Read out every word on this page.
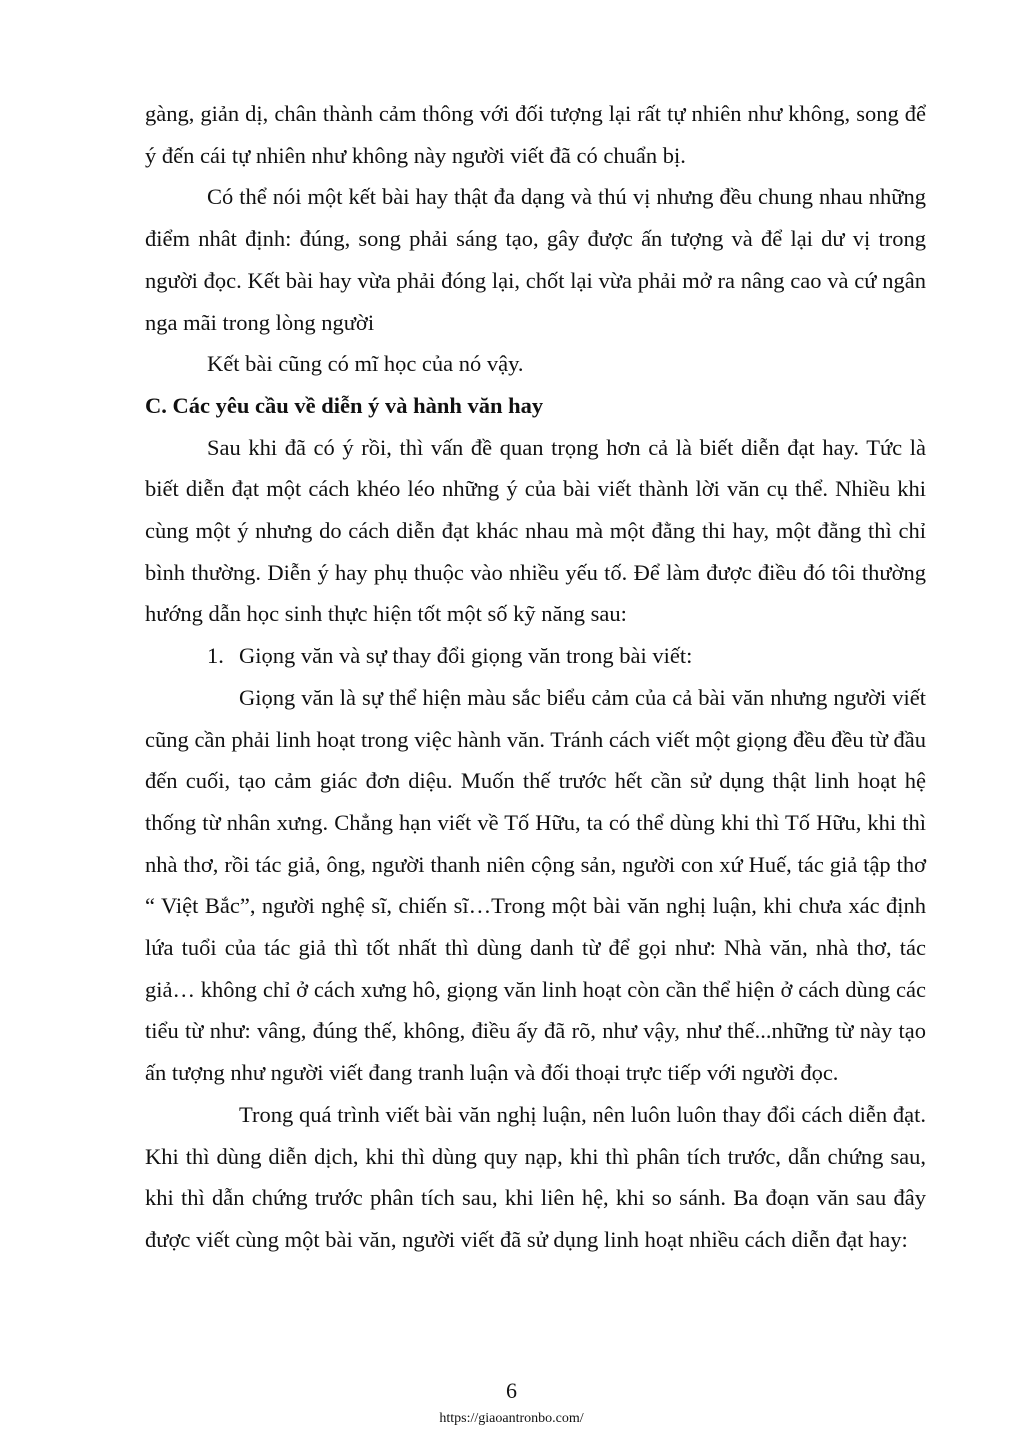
gàng, giản dị, chân thành cảm thông với đối tượng lại rất tự nhiên như không, song để ý đến cái tự nhiên như không này người viết đã có chuẩn bị.

Có thể nói một kết bài hay thật đa dạng và thú vị nhưng đều chung nhau những điểm nhât định: đúng, song phải sáng tạo, gây được ấn tượng và để lại dư vị trong người đọc. Kết bài hay vừa phải đóng lại, chốt lại vừa phải mở ra nâng cao và cứ ngân nga mãi trong lòng người

Kết bài cũng có mĩ học của nó vậy.

C. Các yêu cầu về diễn ý và hành văn hay

Sau khi đã có ý rồi, thì vấn đề quan trọng hơn cả là biết diễn đạt hay. Tức là biết diễn đạt một cách khéo léo những ý của bài viết thành lời văn cụ thể. Nhiều khi cùng một ý nhưng do cách diễn đạt khác nhau mà một đằng thi hay, một đằng thì chỉ bình thường. Diễn ý hay phụ thuộc vào nhiều yếu tố. Để làm được điều đó tôi thường hướng dẫn học sinh thực hiện tốt một số kỹ năng sau:

1. Giọng văn và sự thay đổi giọng văn trong bài viết:

Giọng văn là sự thể hiện màu sắc biểu cảm của cả bài văn nhưng người viết cũng cần phải linh hoạt trong việc hành văn. Tránh cách viết một giọng đều đều từ đầu đến cuối, tạo cảm giác đơn diệu. Muốn thế trước hết cần sử dụng thật linh hoạt hệ thống từ nhân xưng. Chẳng hạn viết về Tố Hữu, ta có thể dùng khi thì Tố Hữu, khi thì nhà thơ, rồi tác giả, ông, người thanh niên cộng sản, người con xứ Huế, tác giả tập thơ “ Việt Bắc”, người nghệ sĩ, chiến sĩ…Trong một bài văn nghị luận, khi chưa xác định lứa tuổi của tác giả thì tốt nhất thì dùng danh từ để gọi như: Nhà văn, nhà thơ, tác giả… không chỉ ở cách xưng hô, giọng văn linh hoạt còn cần thể hiện ở cách dùng các tiểu từ như: vâng, đúng thế, không, điều ấy đã rõ, như vậy, như thế...những từ này tạo ấn tượng như người viết đang tranh luận và đối thoại trực tiếp với người đọc.

Trong quá trình viết bài văn nghị luận, nên luôn luôn thay đổi cách diễn đạt. Khi thì dùng diễn dịch, khi thì dùng quy nạp, khi thì phân tích trước, dẫn chứng sau, khi thì dẫn chứng trước phân tích sau, khi liên hệ, khi so sánh. Ba đoạn văn sau đây được viết cùng một bài văn, người viết đã sử dụng linh hoạt nhiều cách diễn đạt hay:

6
https://giaoantronbo.com/
